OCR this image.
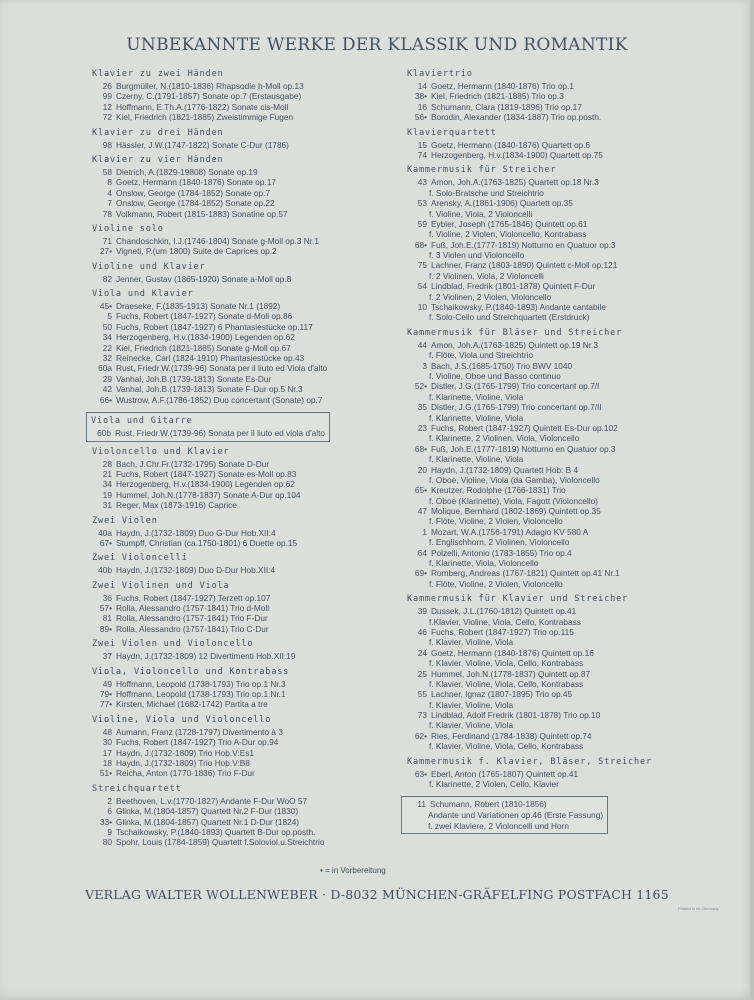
UNBEKANNTE WERKE DER KLASSIK UND ROMANTIK
Klavier zu zwei Händen
26 Burgmüller, N.(1810-1836) Rhapsodie h-Moll op.13
99 Czerny, C.(1791-1857) Sonate op.7 (Erstausgabe)
12 Hoffmann, E.Th.A.(1776-1822) Sonate cis-Moll
72 Kiel, Friedrich (1821-1885) Zweistimmige Fugen
Klavier zu drei Händen
98 Hässler, J.W.(1747-1822) Sonate C-Dur (1786)
Klavier zu vier Händen
58 Dietrich, A.(1829-19808) Sonate op.19
8 Goetz, Hermann (1840-1876) Sonate op.17
4 Onslow, George (1784-1852) Sonate op.7
7 Onslow, George (1784-1852) Sonate op.22
78 Volkmann, Robert (1815-1883) Sonatine op.57
Violine solo
71 Chandoschkin, I.J.(1746-1804) Sonate g-Moll op.3 Nr.1
27• Vigneti, P.(um 1800) Suite de Caprices op.2
Violine und Klavier
82 Jenner, Gustav (1865-1920) Sonate a-Moll op.8
Viola und Klavier
45• Draeseke, F.(1835-1913) Sonate Nr.1 (1892)
5 Fuchs, Robert (1847-1927) Sonate d-Moll op.86
50 Fuchs, Robert (1847-1927) 6 Phantasiestücke op.117
34 Herzogenberg, H.v.(1834-1900) Legenden op.62
22 Kiel, Friedrich (1821-1885) Sonate g-Moll op.67
32 Reinecke, Carl (1824-1910) Phantasiestücke op.43
60a Rust, Friedr.W.(1739-96) Sonata per il liuto ed Viola d'alto
29 Vanhal, Joh.B.(1739-1813) Sonate Es-Dur
42 Vanhal, Joh.B.(1739-1813) Sonate F-Dur op.5 Nr.3
66• Wustrow, A.F.(1786-1852) Duo concertant (Sonate) op.7
Viola und Gitarre
60b Rust, Friedr.W.(1739-96) Sonata per il liuto ed viola d'alto
Violoncello und Klavier
28 Bach, J.Chr.Fr.(1732-1795) Sonate D-Dur
21 Fuchs, Robert (1847-1927) Sonate es-Moll op.83
34 Herzogenberg, H.v.(1834-1900) Legenden op.62
19 Hummel, Joh.N.(1778-1837) Sonate A-Dur op.104
31 Reger, Max (1873-1916) Caprice
Zwei Violen
40a Haydn, J.(1732-1809) Duo G-Dur Hob.XII:4
67• Stumpff, Christian (ca.1750-1801) 6 Duette op.15
Zwei Violoncelli
40b Haydn, J.(1732-1809) Duo D-Dur Hob.XII:4
Zwei Violinen und Viola
36 Fuchs, Robert (1847-1927) Terzett op.107
57• Rolla, Alessandro (1757-1841) Trio d-Moll
81 Rolla, Alessandro (1757-1841) Trio F-Dur
89• Rolla, Alessandro (1757-1841) Trio C-Dur
Zwei Violen und Violoncello
37 Haydn, J.(1732-1809) 12 Divertimenti Hob.XII:19
Viola, Violoncello und Kontrabass
49 Hoffmann, Leopold (1738-1793) Trio op.1 Nr.3
79• Hoffmann, Leopold (1738-1793) Trio op.1 Nr.1
77• Kirsten, Michael (1682-1742) Partita a tre
Violine, Viola und Violoncello
48 Aumann, Franz (1728-1797) Divertimento à 3
30 Fuchs, Robert (1847-1927) Trio A-Dur op.94
17 Haydn, J.(1732-1809) Trio Hob.V:Es1
18 Haydn, J.(1732-1809) Trio Hob.V:B8
51• Reicha, Anton (1770-1836) Trio F-Dur
Streichquartett
2 Beethoven, L.v.(1770-1827) Andante F-Dur WoO 57
6 Glinka, M.(1804-1857) Quartett Nr.2 F-Dur (1830)
33• Glinka, M.(1804-1857) Quartett Nr.1 D-Dur (1824)
9 Tschaikowsky, P.(1840-1893) Quartett B-Dur op.posth.
80 Spohr, Louis (1784-1859) Quartett f.Soloviol.u.Streichtrio
Klaviertrio
14 Goetz, Hermann (1840-1876) Trio op.1
38• Kiel, Friedrich (1821-1885) Trio op.3
16 Schumann, Clara (1819-1896) Trio op.17
56• Borodin, Alexander (1834-1887) Trio op.posth.
Klavierquartett
15 Goetz, Hermann (1840-1876) Quartett op.6
74 Herzogenberg, H.v.(1834-1900) Quartett op.75
Kammermusik für Streicher
43 Amon, Joh.A.(1763-1825) Quartett op.18 Nr.3
f. Solo-Bratsche und Streichtrio
53 Arensky, A.(1861-1906) Quartett op.35
f. Violine, Viola, 2 Violoncelli
59 Eybler, Joseph (1765-1846) Quintett op.61
f. Violine, 2 Violen, Violoncello, Kontrabass
68• Fuß, Joh.E.(1777-1819) Notturno en Quatuor op.3
f. 3 Violen und Violoncello
75 Lachner, Franz (1803-1890) Quintett c-Moll op.121
f. 2 Violinen, Viola, 2 Violoncelli
54 Lindblad, Fredrik (1801-1878) Quintett F-Dur
f. 2 Violinen, 2 Violen, Violoncello
10 Tschaikowsky, P.(1840-1893) Andante cantabile
f. Solo-Cello und Streichquartett (Erstdruck)
Kammermusik für Bläser und Streicher
44 Amon, Joh.A.(1763-1825) Quintett op.19 Nr.3
f. Flöte, Viola und Streichtrio
3 Bach, J.S.(1685-1750) Trio BWV 1040
f. Violine, Oboe und Basso continuo
52• Distler, J.G.(1765-1799) Trio concertant op.7/I
f. Klarinette, Violine, Viola
35 Distler, J.G.(1765-1799) Trio concertant op.7/II
f. Klarinette, Violine, Viola
23 Fuchs, Robert (1847-1927) Quintett Es-Dur op.102
f. Klarinette, 2 Violinen, Viola, Violoncello
68• Fuß, Joh.E.(1777-1819) Notturno en Quatuor op.3
f. Klarinette, Violine, Viola
20 Haydn, J.(1732-1809) Quartett Hob: B 4
f. Oboe, Violine, Viola (da Gamba), Violoncello
65• Kreutzer, Rodolphe (1766-1831) Trio
f. Oboe (Klarinette), Viola, Fagott (Violoncello)
47 Molique, Bernhard (1802-1869) Quintett op.35
f. Flöte, Violine, 2 Violen, Violoncello
1 Mozart, W.A.(1756-1791) Adagio KV 580 A
f. Englischhorn, 2 Violinen, Violoncello
64 Polzelli, Antonio (1783-1855) Trio op.4
f. Klarinette, Viola, Violoncello
69• Romberg, Andreas (1767-1821) Quintett op.41 Nr.1
f. Flöte, Violine, 2 Violen, Violoncello
Kammermusik für Klavier und Streicher
39 Dussek, J.L.(1760-1812) Quintett op.41
f.Klavier, Violine, Viola, Cello, Kontrabass
46 Fuchs, Robert (1847-1927) Trio op.115
f. Klavier, Violine, Viola
24 Goetz, Hermann (1840-1876) Quintett op.16
f. Klavier, Violine, Viola, Cello, Kontrabass
25 Hummel, Joh.N.(1778-1837) Quintett op.87
f. Klavier, Violine, Viola, Cello, Kontrabass
55 Lachner, Ignaz (1807-1895) Trio op.45
f. Klavier, Violine, Viola
73 Lindblad, Adolf Fredrik (1801-1878) Trio op.10
f. Klavier, Violine, Viola
62• Ries, Ferdinand (1784-1838) Quintett op.74
f. Klavier, Violine, Viola, Cello, Kontrabass
Kammermusik f. Klavier, Bläser, Streicher
63• Eberl, Anton (1765-1807) Quintett op.41
f. Klarinette, 2 Violen, Cello, Klavier
11 Schumann, Robert (1810-1856)
Andante und Variationen op.46 (Erste Fassung)
f. zwei Klaviere, 2 Violoncelli und Horn
• = in Vorbereitung
VERLAG WALTER WOLLENWEBER · D-8032 MÜNCHEN-GRÄFELFING POSTFACH 1165
Printed in W.-Germany
